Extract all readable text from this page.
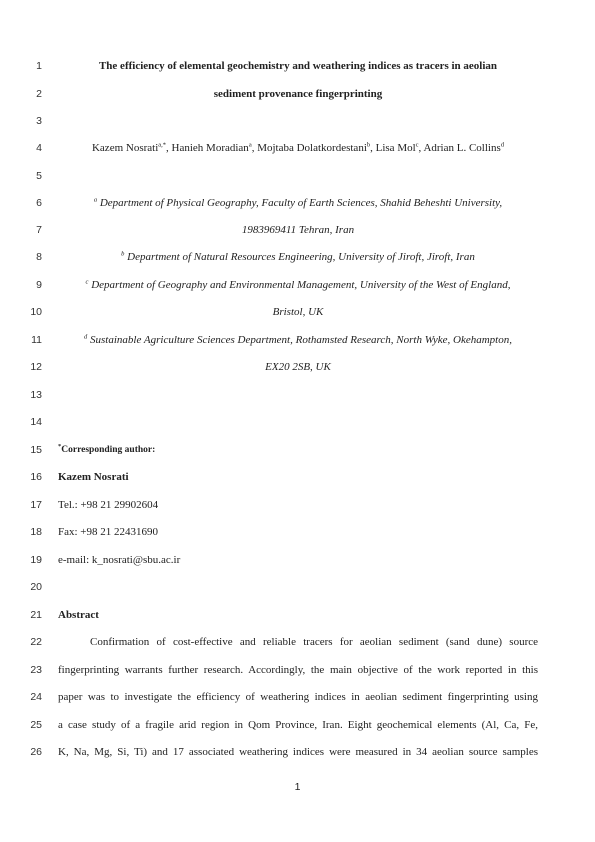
1
2
3
4
5
6
7
8
9
10
11
12
13
14
15
16
17
18
19
20
21
22
23
24
25
26
The efficiency of elemental geochemistry and weathering indices as tracers in aeolian
sediment provenance fingerprinting
Kazem Nosrati$^{a,*}$, Hanieh Moradian$^a$, Mojtaba Dolatkordestani$^b$, Lisa Mol$^c$, Adrian L. Collins$^d$
$^a$ Department of Physical Geography, Faculty of Earth Sciences, Shahid Beheshti University,
1983969411 Tehran, Iran
$^b$ Department of Natural Resources Engineering, University of Jiroft, Jiroft, Iran
$^c$ Department of Geography and Environmental Management, University of the West of England,
Bristol, UK
$^d$ Sustainable Agriculture Sciences Department, Rothamsted Research, North Wyke, Okehampton,
EX20 2SB, UK
*Corresponding author:
Kazem Nosrati
Tel.: +98 21 29902604
Fax: +98 21 22431690
e-mail: k_nosrati@sbu.ac.ir
Abstract
Confirmation of cost-effective and reliable tracers for aeolian sediment (sand dune) source
fingerprinting warrants further research. Accordingly, the main objective of the work reported in this
paper was to investigate the efficiency of weathering indices in aeolian sediment fingerprinting using
a case study of a fragile arid region in Qom Province, Iran. Eight geochemical elements (Al, Ca, Fe,
K, Na, Mg, Si, Ti) and 17 associated weathering indices were measured in 34 aeolian source samples
1
